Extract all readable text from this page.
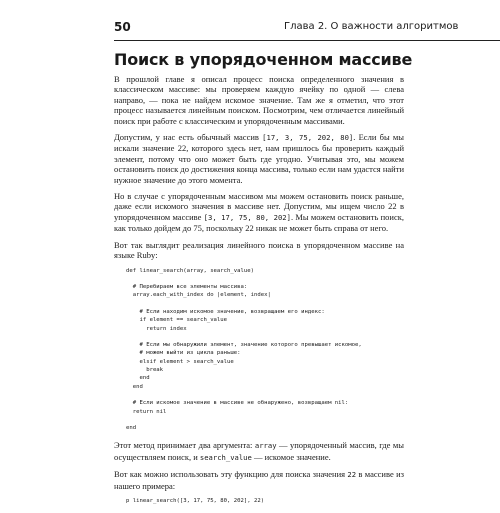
50	Глава 2. О важности алгоритмов
Поиск в упорядоченном массиве

В прошлой главе я описал процесс поиска определенного значения в классическом массиве: мы проверяем каждую ячейку по одной — слева направо, — пока не найдем искомое значение. Там же я отметил, что этот процесс называется линейным поиском. Посмотрим, чем отличается линейный поиск при работе с классическим и упорядоченным массивами.

Допустим, у нас есть обычный массив [17, 3, 75, 202, 80]. Если бы мы искали значение 22, которого здесь нет, нам пришлось бы проверить каждый элемент, потому что оно может быть где угодно. Учитывая это, мы можем остановить поиск до достижения конца массива, только если нам удастся найти нужное значение до этого момента.

Но в случае с упорядоченным массивом мы можем остановить поиск раньше, даже если искомого значения в массиве нет. Допустим, мы ищем число 22 в упорядоченном массиве [3, 17, 75, 80, 202]. Мы можем остановить поиск, как только дойдем до 75, поскольку 22 никак не может быть справа от него.

Вот так выглядит реализация линейного поиска в упорядоченном массиве на языке Ruby:

def linear_search(array, search_value)

# Перебираем все элементы массива:
array.each_with_index do |element, index|

# Если находим искомое значение, возвращаем его индекс:
if element == search_value
return index

# Если мы обнаружили элемент, значение которого превышает искомое,
# можем выйти из цикла раньше:
elsif element > search_value
break
end
end

# Если искомое значение в массиве не обнаружено, возвращаем nil:
return nil

end

Этот метод принимает два аргумента: array — упорядоченный массив, где мы осуществляем поиск, и search_value — искомое значение.

Вот как можно использовать эту функцию для поиска значения 22 в массиве из нашего примера:

p linear_search([3, 17, 75, 80, 202], 22)
